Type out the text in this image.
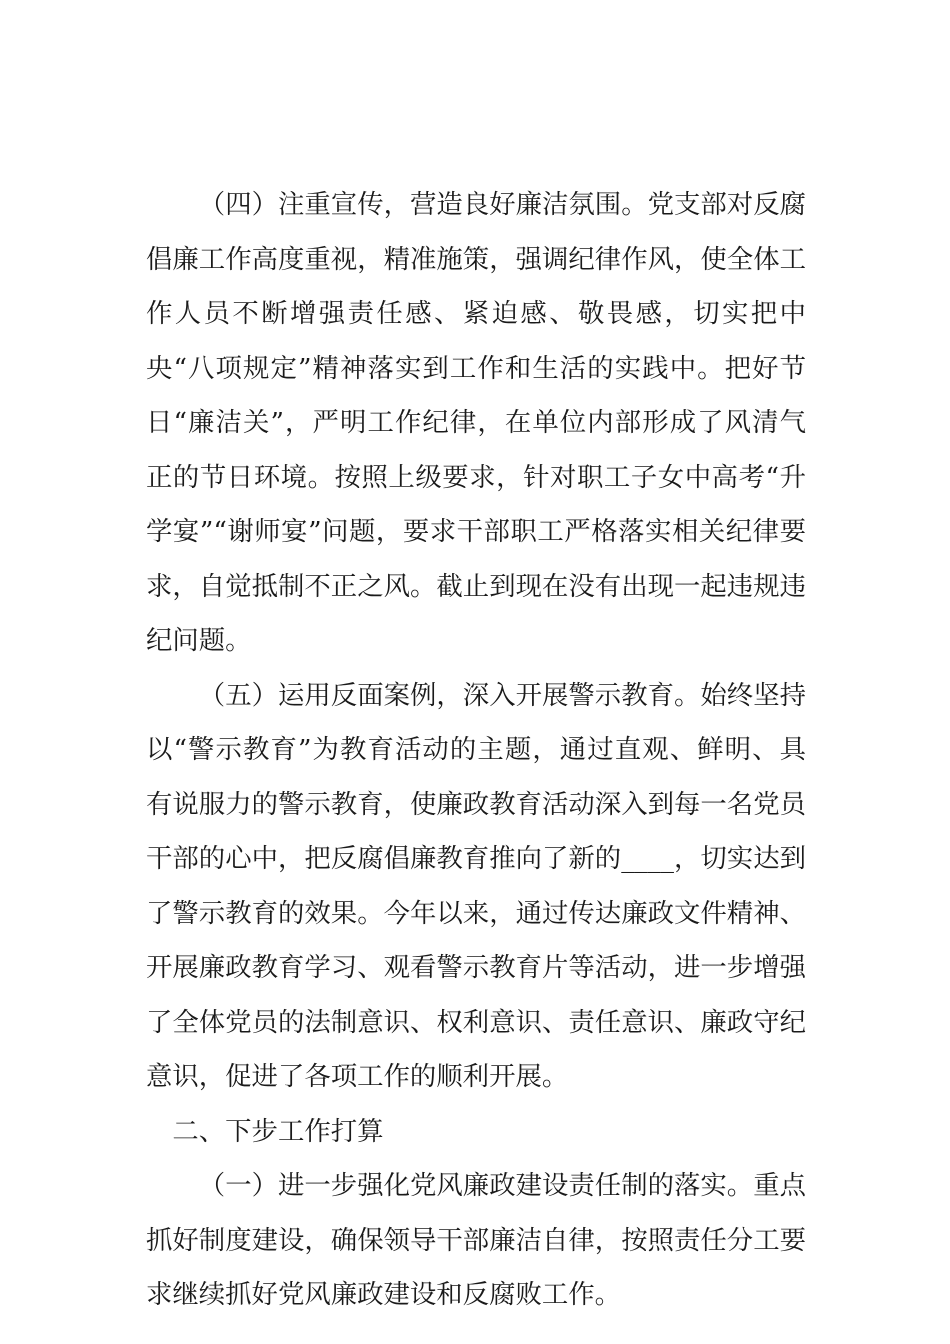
（四）注重宣传，营造良好廉洁氛围。党支部对反腐倡廉工作高度重视，精准施策，强调纪律作风，使全体工作人员不断增强责任感、紧迫感、敬畏感，切实把中央“八项规定”精神落实到工作和生活的实践中。把好节日“廉洁关”，严明工作纪律，在单位内部形成了风清气正的节日环境。按照上级要求，针对职工子女中高考“升学宴”“谢师宴”问题，要求干部职工严格落实相关纪律要求，自觉抵制不正之风。截止到现在没有出现一起违规违纪问题。

（五）运用反面案例，深入开展警示教育。始终坚持以“警示教育”为教育活动的主题，通过直观、鲜明、具有说服力的警示教育，使廉政教育活动深入到每一名党员干部的心中，把反腐倡廉教育推向了新的____，切实达到了警示教育的效果。今年以来，通过传达廉政文件精神、开展廉政教育学习、观看警示教育片等活动，进一步增强了全体党员的法制意识、权利意识、责任意识、廉政守纪意识，促进了各项工作的顺利开展。

二、下步工作打算

（一）进一步强化党风廉政建设责任制的落实。重点抓好制度建设，确保领导干部廉洁自律，按照责任分工要求继续抓好党风廉政建设和反腐败工作。
